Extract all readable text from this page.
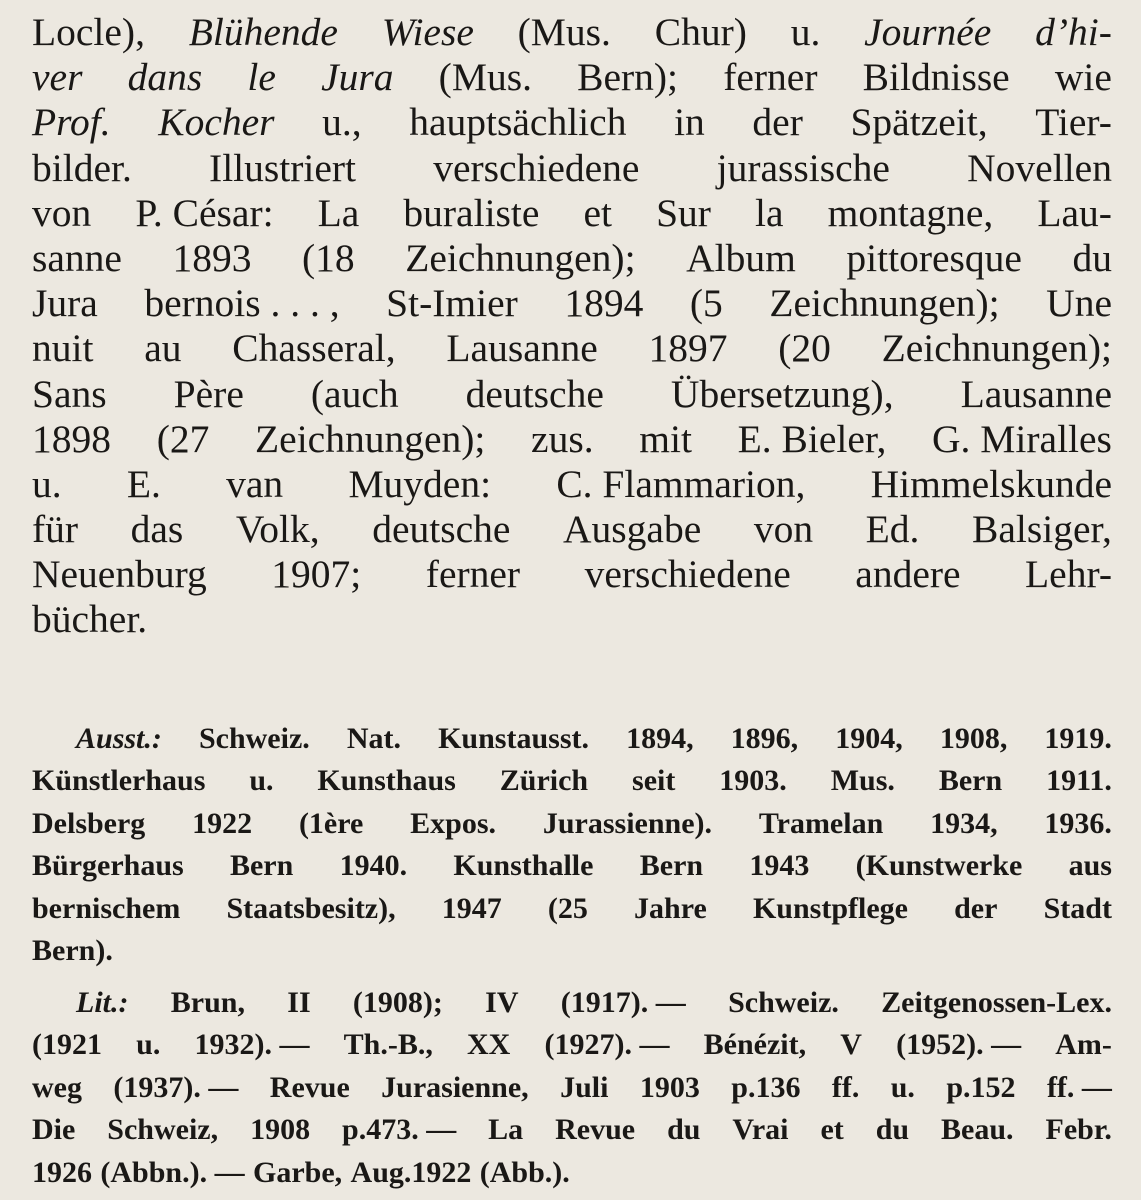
Locle), Blühende Wiese (Mus. Chur) u. Journée d’hi-
ver dans le Jura (Mus. Bern); ferner Bildnisse wie
Prof. Kocher u., hauptsächlich in der Spätzeit, Tier-
bilder. Illustriert verschiedene jurassische Novellen
von P. César: La buraliste et Sur la montagne, Lau-
sanne 1893 (18 Zeichnungen); Album pittoresque du
Jura bernois . . . , St-Imier 1894 (5 Zeichnungen); Une
nuit au Chasseral, Lausanne 1897 (20 Zeichnungen);
Sans Père (auch deutsche Übersetzung), Lausanne
1898 (27 Zeichnungen); zus. mit E. Bieler, G. Miralles
u. E. van Muyden: C. Flammarion, Himmelskunde
für das Volk, deutsche Ausgabe von Ed. Balsiger,
Neuenburg 1907; ferner verschiedene andere Lehr-
bücher.
Ausst.: Schweiz. Nat. Kunstausst. 1894, 1896, 1904, 1908, 1919.
Künstlerhaus u. Kunsthaus Zürich seit 1903. Mus. Bern 1911.
Delsberg 1922 (1ère Expos. Jurassienne). Tramelan 1934, 1936.
Bürgerhaus Bern 1940. Kunsthalle Bern 1943 (Kunstwerke aus
bernischem Staatsbesitz), 1947 (25 Jahre Kunstpflege der Stadt
Bern).
Lit.: Brun, II (1908); IV (1917). — Schweiz. Zeitgenossen-Lex.
(1921 u. 1932). — Th.-B., XX (1927). — Bénézit, V (1952). — Am-
weg (1937). — Revue Jurasienne, Juli 1903 p.136 ff. u. p.152 ff. —
Die Schweiz, 1908 p.473. — La Revue du Vrai et du Beau. Febr.
1926 (Abbn.). — Garbe, Aug.1922 (Abb.).
